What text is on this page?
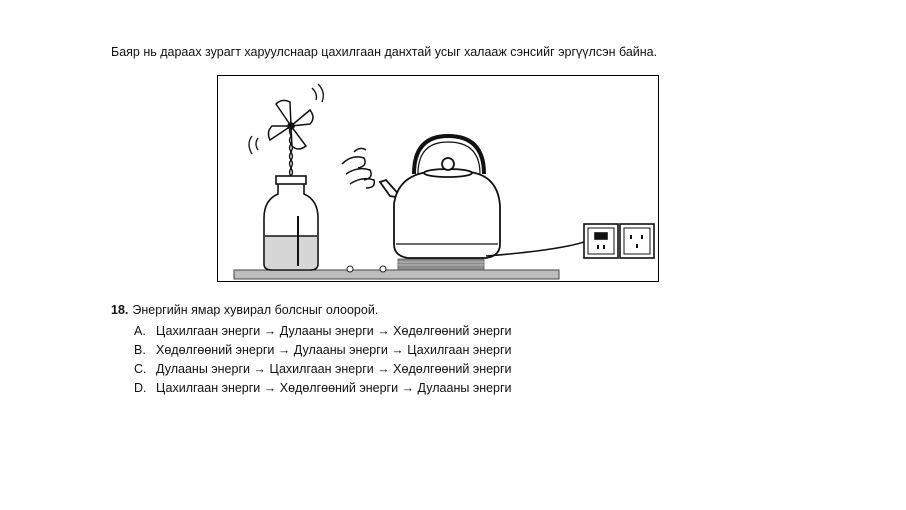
Баяр нь дараах зурагт харуулснаар цахилгаан данхтай усыг халааж сэнсийг эргүүлсэн байна.
18. Энергийн ямар хувирал болсныг олоорой.
A. Цахилгаан энерги → Дулааны энерги → Хөдөлгөөний энерги
B. Хөдөлгөөний энерги → Дулааны энерги → Цахилгаан энерги
C. Дулааны энерги → Цахилгаан энерги → Хөдөлгөөний энерги
D. Цахилгаан энерги → Хөдөлгөөний энерги → Дулааны энерги
